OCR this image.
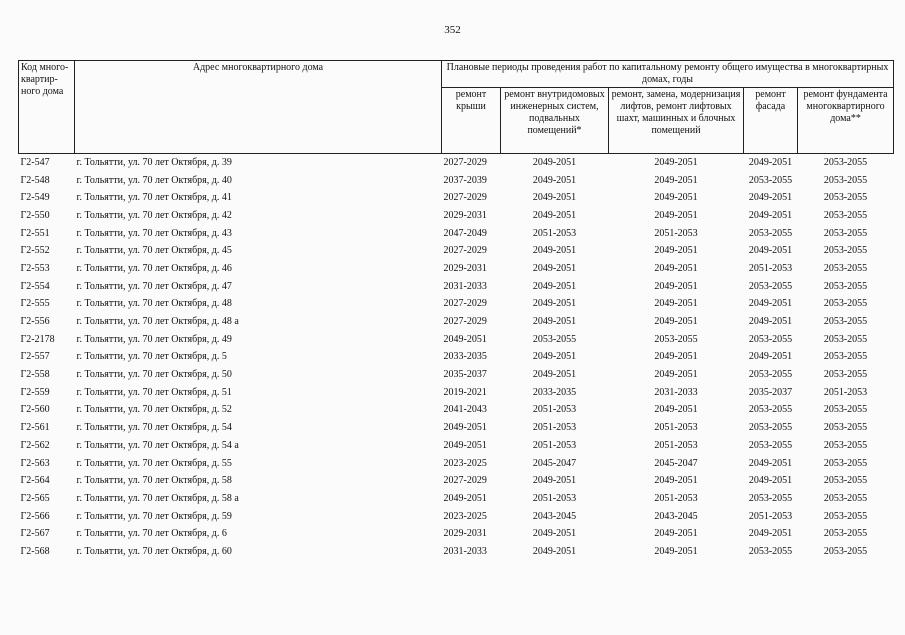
352
Код много-квартир-ного дома	Адрес многоквартирного дома	Плановые периоды проведения работ по капитальному ремонту общего имущества в многоквартирных домах, годы				
		ремонт крыши	ремонт внутридомовых инженерных систем, подвальных помещений*	ремонт, замена, модернизация лифтов, ремонт лифтовых шахт, машинных и блочных помещений	ремонт фасада	ремонт фундамента многоквартирного дома**
Г2-547	г. Тольятти, ул. 70 лет Октября, д. 39	2027-2029	2049-2051	2049-2051	2049-2051	2053-2055
Г2-548	г. Тольятти, ул. 70 лет Октября, д. 40	2037-2039	2049-2051	2049-2051	2053-2055	2053-2055
Г2-549	г. Тольятти, ул. 70 лет Октября, д. 41	2027-2029	2049-2051	2049-2051	2049-2051	2053-2055
Г2-550	г. Тольятти, ул. 70 лет Октября, д. 42	2029-2031	2049-2051	2049-2051	2049-2051	2053-2055
Г2-551	г. Тольятти, ул. 70 лет Октября, д. 43	2047-2049	2051-2053	2051-2053	2053-2055	2053-2055
Г2-552	г. Тольятти, ул. 70 лет Октября, д. 45	2027-2029	2049-2051	2049-2051	2049-2051	2053-2055
Г2-553	г. Тольятти, ул. 70 лет Октября, д. 46	2029-2031	2049-2051	2049-2051	2051-2053	2053-2055
Г2-554	г. Тольятти, ул. 70 лет Октября, д. 47	2031-2033	2049-2051	2049-2051	2053-2055	2053-2055
Г2-555	г. Тольятти, ул. 70 лет Октября, д. 48	2027-2029	2049-2051	2049-2051	2049-2051	2053-2055
Г2-556	г. Тольятти, ул. 70 лет Октября, д. 48 а	2027-2029	2049-2051	2049-2051	2049-2051	2053-2055
Г2-2178	г. Тольятти, ул. 70 лет Октября, д. 49	2049-2051	2053-2055	2053-2055	2053-2055	2053-2055
Г2-557	г. Тольятти, ул. 70 лет Октября, д. 5	2033-2035	2049-2051	2049-2051	2049-2051	2053-2055
Г2-558	г. Тольятти, ул. 70 лет Октября, д. 50	2035-2037	2049-2051	2049-2051	2053-2055	2053-2055
Г2-559	г. Тольятти, ул. 70 лет Октября, д. 51	2019-2021	2033-2035	2031-2033	2035-2037	2051-2053
Г2-560	г. Тольятти, ул. 70 лет Октября, д. 52	2041-2043	2051-2053	2049-2051	2053-2055	2053-2055
Г2-561	г. Тольятти, ул. 70 лет Октября, д. 54	2049-2051	2051-2053	2051-2053	2053-2055	2053-2055
Г2-562	г. Тольятти, ул. 70 лет Октября, д. 54 а	2049-2051	2051-2053	2051-2053	2053-2055	2053-2055
Г2-563	г. Тольятти, ул. 70 лет Октября, д. 55	2023-2025	2045-2047	2045-2047	2049-2051	2053-2055
Г2-564	г. Тольятти, ул. 70 лет Октября, д. 58	2027-2029	2049-2051	2049-2051	2049-2051	2053-2055
Г2-565	г. Тольятти, ул. 70 лет Октября, д. 58 а	2049-2051	2051-2053	2051-2053	2053-2055	2053-2055
Г2-566	г. Тольятти, ул. 70 лет Октября, д. 59	2023-2025	2043-2045	2043-2045	2051-2053	2053-2055
Г2-567	г. Тольятти, ул. 70 лет Октября, д. 6	2029-2031	2049-2051	2049-2051	2049-2051	2053-2055
Г2-568	г. Тольятти, ул. 70 лет Октября, д. 60	2031-2033	2049-2051	2049-2051	2053-2055	2053-2055
